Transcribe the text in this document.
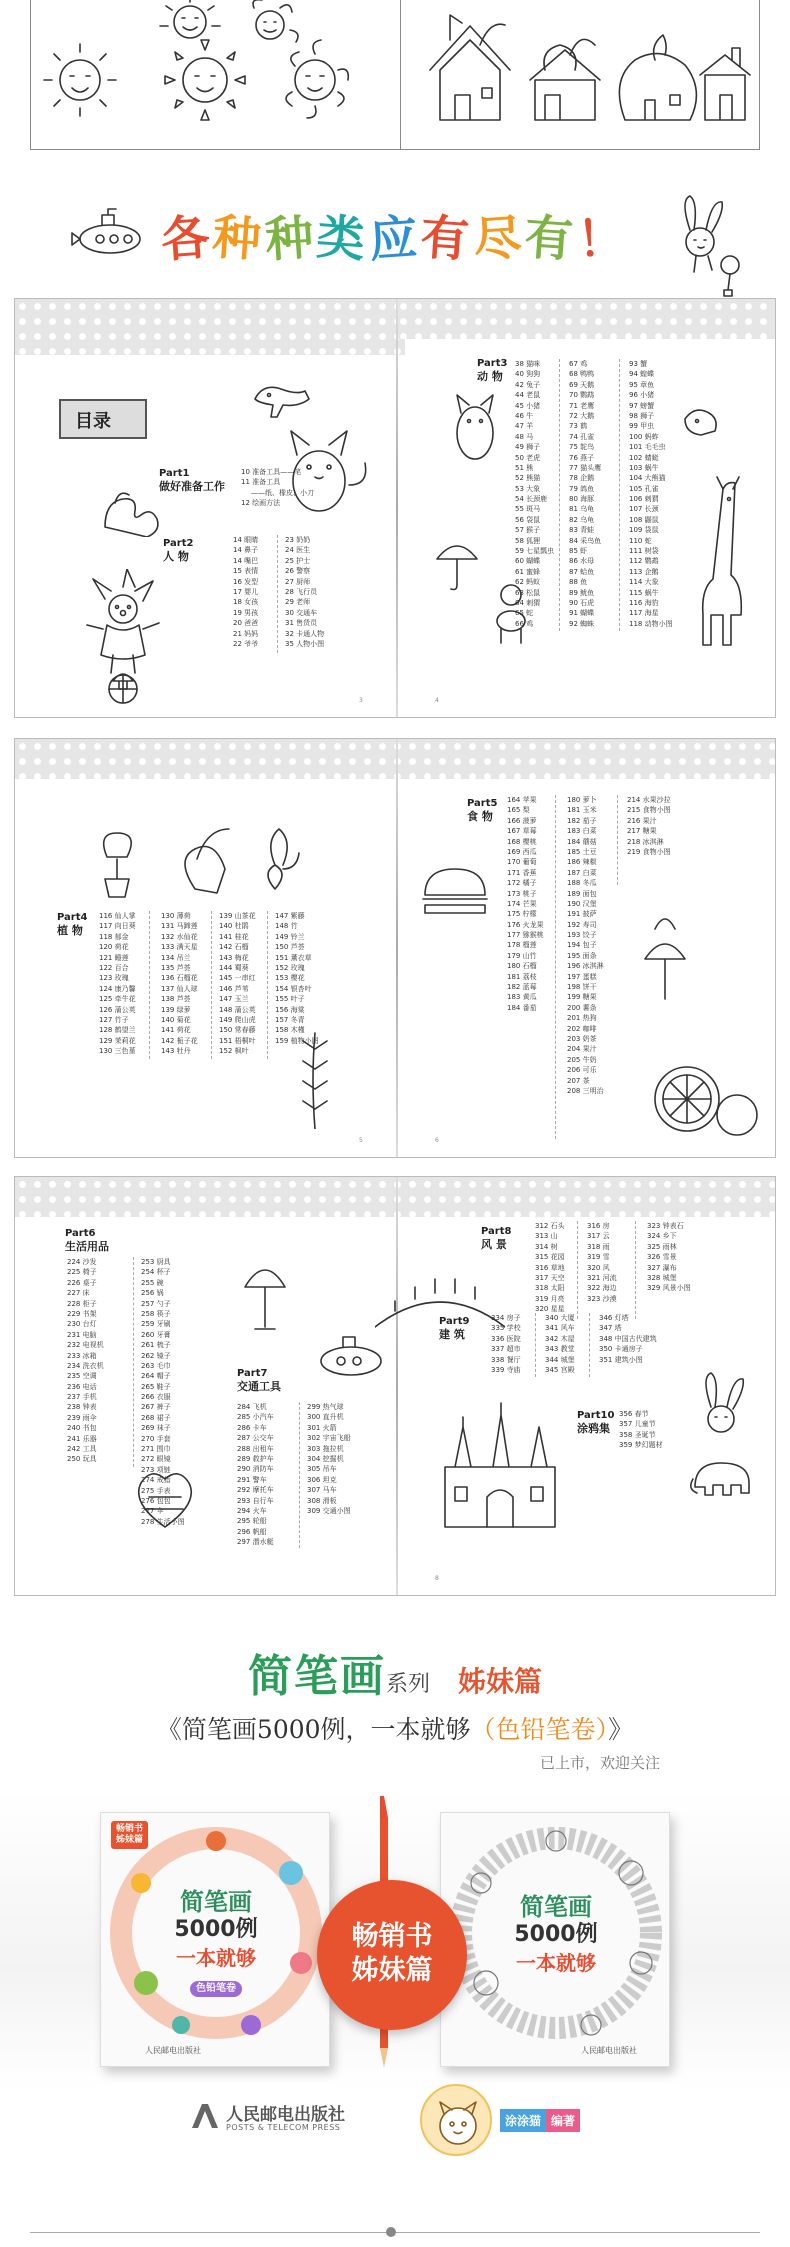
各种种类应有尽有！
目录
Part1
做好准备工作
10 准备工具——笔
11 准备工具
——纸、橡皮、小刀
12 绘画方法
Part2
人 物
14 眼睛
14 鼻子
14 嘴巴
15 表情
16 发型
17 婴儿
18 女孩
19 男孩
20 爸爸
21 妈妈
22 爷爷
23 奶奶
24 医生
25 护士
26 警察
27 厨师
28 飞行员
29 老师
30 交通车
31 售货员
32 卡通人物
35 人物小图
3
Part3
动 物
38 猫咪
40 狗狗
42 兔子
44 老鼠
45 小猪
46 牛
47 羊
48 马
49 狮子
50 老虎
51 熊
52 熊猫
53 大象
54 长颈鹿
55 斑马
56 袋鼠
57 猴子
58 狐狸
59 七星瓢虫
60 蝴蝶
61 蜜蜂
62 蚂蚁
63 松鼠
64 刺猬
65 蛇
66 鸡
67 鸡
68 鸭鸭
69 天鹅
70 鹦鹉
71 老鹰
72 大鹅
73 鹤
74 孔雀
75 鸵鸟
76 燕子
77 猫头鹰
78 企鹅
79 鸽鱼
80 海豚
81 乌龟
82 乌龟
83 青蛙
84 采鸟鱼
85 虾
86 水母
87 蛤鱼
88 鱼
89 鱿鱼
90 石虎
91 蝴蝶
92 蜘蛛
93 蟹
94 蝗蝶
95 章鱼
96 小猪
97 螃蟹
98 狮子
99 甲虫
100 蚂蚱
101 毛毛虫
102 蜻蜓
103 蜗牛
104 大熊猫
105 孔雀
106 刺猬
107 长颈
108 鼹鼠
109 袋鼠
110 蛇
111 树袋
112 鹦鹉
113 企鹅
114 大象
115 蜗牛
116 海豹
117 海星
118 动物小图
4
Part4
植 物
116 仙人掌
117 向日葵
118 郁金
120 荷花
121 睡莲
122 百合
123 玫瑰
124 康乃馨
125 牵牛花
126 蒲公英
127 竹子
128 鹤望兰
129 茉莉花
130 三色堇
130 薄荷
131 马蹄莲
132 水仙花
133 满天星
134 吊兰
135 芦荟
136 石榴花
137 仙人球
138 芦荟
139 绿萝
140 菊花
141 荷花
142 栀子花
143 牡丹
139 山茶花
140 杜鹃
141 桂花
142 石榴
143 梅花
144 蜀葵
145 一串红
146 芦苇
147 玉兰
148 蒲公英
149 爬山虎
150 常春藤
151 梧桐叶
152 枫叶
147 紫藤
148 竹
149 铃兰
150 芦荟
151 薰衣草
152 玫瑰
153 樱花
154 银杏叶
155 叶子
156 海棠
157 冬青
158 木槿
159 植物小图
5
Part5
食 物
164 苹果
165 梨
166 菠萝
167 草莓
168 樱桃
169 西瓜
170 葡萄
171 香蕉
172 橘子
173 桃子
174 芒果
175 柠檬
176 火龙果
177 猕猴桃
178 榴莲
179 山竹
180 石榴
181 荔枝
182 蓝莓
183 黄瓜
184 番茄
180 萝卜
181 玉米
182 茄子
183 白菜
184 蘑菇
185 土豆
186 辣椒
187 白菜
188 冬瓜
189 面包
190 汉堡
191 披萨
192 寿司
193 饺子
194 包子
195 面条
196 冰淇淋
197 蛋糕
198 饼干
199 糖果
200 薯条
201 热狗
202 咖啡
203 奶茶
204 果汁
205 牛奶
206 可乐
207 茶
208 三明治
214 水果沙拉
215 食物小图
216 果汁
217 糖果
218 冰淇淋
219 食物小图
6
Part6
生活用品
224 沙发
225 椅子
226 桌子
227 床
228 柜子
229 书架
230 台灯
231 电脑
232 电视机
233 冰箱
234 洗衣机
235 空调
236 电话
237 手机
238 钟表
239 雨伞
240 书包
241 乐器
242 工具
250 玩具
253 厨具
254 杯子
255 碗
256 锅
257 勺子
258 筷子
259 牙刷
260 牙膏
261 梳子
262 镜子
263 毛巾
264 帽子
265 鞋子
266 衣服
267 裤子
268 裙子
269 袜子
270 手套
271 围巾
272 眼镜
273 项链
274 戒指
275 手表
276 包包
277 伞
278 生活小图
Part7
交通工具
284 飞机
285 小汽车
286 卡车
287 公交车
288 出租车
289 救护车
290 消防车
291 警车
292 摩托车
293 自行车
294 火车
295 轮船
296 帆船
297 潜水艇
299 热气球
300 直升机
301 火箭
302 宇宙飞船
303 拖拉机
304 挖掘机
305 吊车
306 坦克
307 马车
308 滑板
309 交通小图
Part8
风 景
312 石头
313 山
314 树
315 花园
316 草地
317 天空
318 太阳
319 月亮
320 星星
316 房
317 云
318 雨
319 雪
320 风
321 河流
322 海边
323 沙漠
323 钟表石
324 乡下
325 雨林
326 雪景
327 瀑布
328 城堡
329 风景小图
Part9
建 筑
334 房子
335 学校
336 医院
337 超市
338 餐厅
339 寺庙
340 大厦
341 风车
342 木屋
343 教堂
344 城堡
345 宫殿
346 灯塔
347 塔
348 中国古代建筑
350 卡通房子
351 建筑小图
Part10
涂鸦集
356 春节
357 儿童节
358 圣诞节
359 梦幻题材
8
简笔画系列 姊妹篇
《简笔画5000例，一本就够（色铅笔卷）》
已上市，欢迎关注
畅销书
姊妹篇
简笔画
5000例
一本就够
色铅笔卷
人民邮电出版社
简笔画
5000例
一本就够
人民邮电出版社
畅销书
姊妹篇
人民邮电出版社
POSTS & TELECOM PRESS	涂涂猫 编著
